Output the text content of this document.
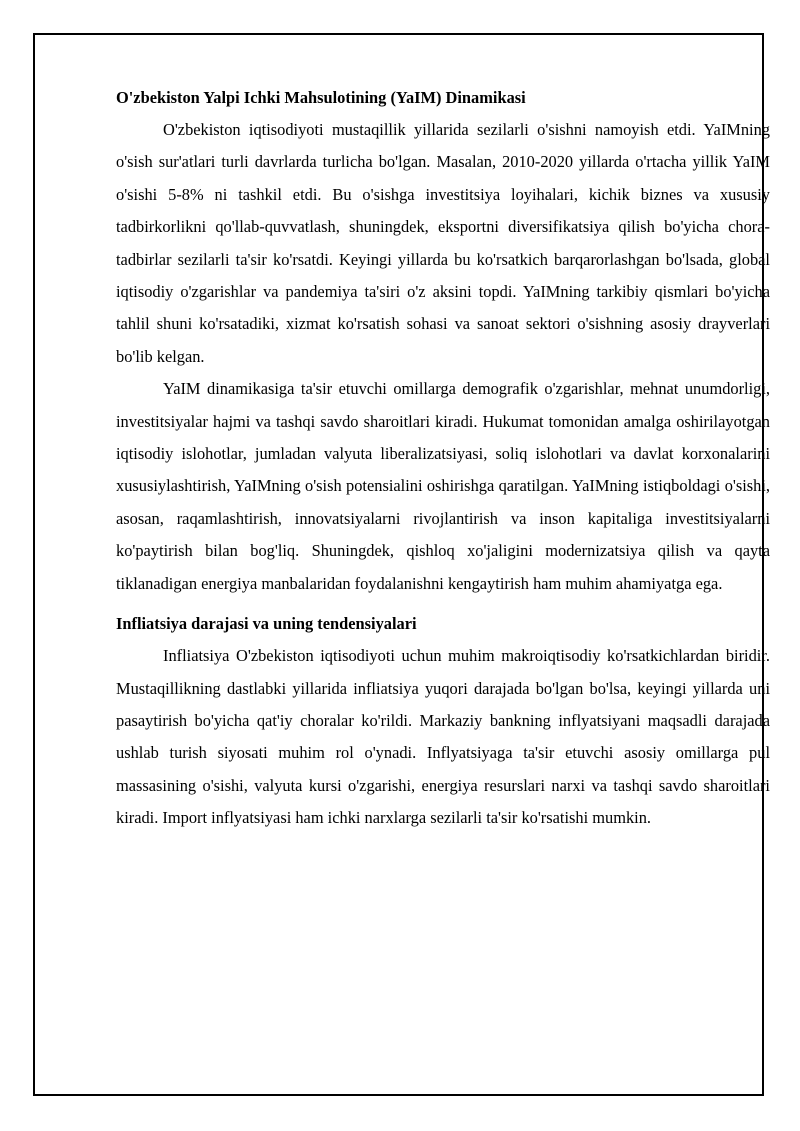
O'zbekiston Yalpi Ichki Mahsulotining (YaIM) Dinamikasi

O'zbekiston iqtisodiyoti mustaqillik yillarida sezilarli o'sishni namoyish etdi. YaIMning o'sish sur'atlari turli davrlarda turlicha bo'lgan. Masalan, 2010-2020 yillarda o'rtacha yillik YaIM o'sishi 5-8% ni tashkil etdi. Bu o'sishga investitsiya loyihalari, kichik biznes va xususiy tadbirkorlikni qo'llab-quvvatlash, shuningdek, eksportni diversifikatsiya qilish bo'yicha chora-tadbirlar sezilarli ta'sir ko'rsatdi. Keyingi yillarda bu ko'rsatkich barqarorlashgan bo'lsada, global iqtisodiy o'zgarishlar va pandemiya ta'siri o'z aksini topdi. YaIMning tarkibiy qismlari bo'yicha tahlil shuni ko'rsatadiki, xizmat ko'rsatish sohasi va sanoat sektori o'sishning asosiy drayverlari bo'lib kelgan.

YaIM dinamikasiga ta'sir etuvchi omillarga demografik o'zgarishlar, mehnat unumdorligi, investitsiyalar hajmi va tashqi savdo sharoitlari kiradi. Hukumat tomonidan amalga oshirilayotgan iqtisodiy islohotlar, jumladan valyuta liberalizatsiyasi, soliq islohotlari va davlat korxonalarini xususiylashtirish, YaIMning o'sish potensialini oshirishga qaratilgan. YaIMning istiqboldagi o'sishi, asosan, raqamlashtirish, innovatsiyalarni rivojlantirish va inson kapitaliga investitsiyalarni ko'paytirish bilan bog'liq. Shuningdek, qishloq xo'jaligini modernizatsiya qilish va qayta tiklanadigan energiya manbalaridan foydalanishni kengaytirish ham muhim ahamiyatga ega.

Infliatsiya darajasi va uning tendensiyalari

Infliatsiya O'zbekiston iqtisodiyoti uchun muhim makroiqtisodiy ko'rsatkichlardan biridir. Mustaqillikning dastlabki yillarida infliatsiya yuqori darajada bo'lgan bo'lsa, keyingi yillarda uni pasaytirish bo'yicha qat'iy choralar ko'rildi. Markaziy bankning inflyatsiyani maqsadli darajada ushlab turish siyosati muhim rol o'ynadi. Inflyatsiyaga ta'sir etuvchi asosiy omillarga pul massasining o'sishi, valyuta kursi o'zgarishi, energiya resurslari narxi va tashqi savdo sharoitlari kiradi. Import inflyatsiyasi ham ichki narxlarga sezilarli ta'sir ko'rsatishi mumkin.
